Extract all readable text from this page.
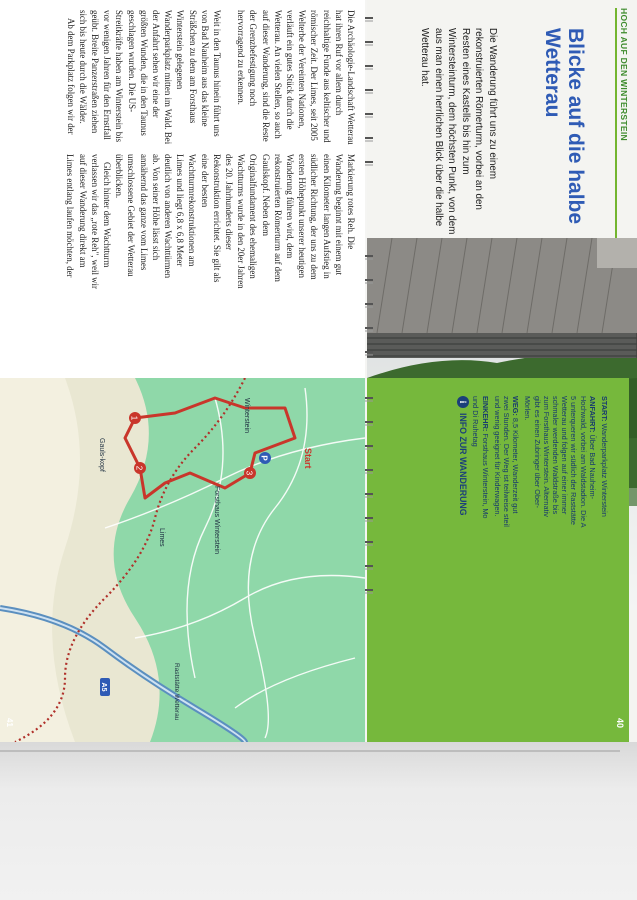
HOCH AUF DEN WINTERSTEIN
Blicke auf die halbe Wetterau
Die Wanderung führt uns zu einem rekonstruierten Römerturm, vorbei an den Resten eines Kastells bis hin zum Wintersteinturm, dem höchsten Punkt, von dem aus man einen herrlichen Blick über die halbe Wetterau hat.
40

START: Wanderparkplatz Winterstein

ANFAHRT: Über Bad Nauheim-Hochwald, vorbei am Waldstadion. Die A 5 unterqueren wir südlich der Raststätte Wetterau und folgen auf einer immer schmaler werdenden Waldstraße bis zum Forsthaus Winterstein. Alternativ gibt es einen Zubringer über Ober-Mörlen.

WEG: 8,5 Kilometer, Wanderzeit gut zwei Stunden. Der Weg ist teilweise steil und wenig geeignet für Kinderwagen.

EINKEHR: Forsthaus Winterstein, Mo und Di Ruhetag

i
INFO ZUR WANDERUNG

Die Archäologie-Landschaft Wetterau hat ihren Ruf vor allem durch reichhaltige Funde aus keltischer und römischer Zeit. Der Limes, seit 2005 Welterbe der Vereinten Nationen, verläuft ein gutes Stück durch die Wetterau. An vielen Stellen, so auch auf dieser Wanderung, sind die Reste der Grenzbefestigung noch hervorragend zu erkennen.

Weit in den Taunus hinein führt uns von Bad Nauheim aus das kleine Sträßchen zu dem am Forsthaus Winterstein gelegenen Wanderparkplatz mitten im Wald. Bei der Anfahrt sehen wir eine der größten Wunden, die in den Taunus geschlagen wurden. Die US-Streitkräfte haben am Winterstein bis vor wenigen Jahren für den Ernstfall geübt. Breite Panzerstraßen ziehen sich bis heute durch die Wälder.

Ab dem Parkplatz folgen wir der

Markierung rotes Reh. Die Wanderung beginnt mit einem gut einen Kilometer langen Aufstieg in südlicher Richtung, der uns zu dem ersten Höhepunkt unserer heutigen Wanderung führen wird, dem rekonstruierten Römerturm auf dem Gaulskopf. Neben dem Originalfundament des ehemaligen Wachtturms wurde in den 20er Jahren des 20. Jahrhunderts dieser Rekonstruktion errichtet. Sie gilt als eine der besten Wachtturmrekonstruktionen am Limes und liegt 6,8 x 6,8 Meter deutlich von anderen Wachttürmen ab. Von seiner Höhe lässt sich annähernd das ganze vom Limes umschlossene Gebiet der Wetterau überblicken.

Gleich hinter dem Wachtturm verlassen wir das „rote Reh", weil wir auf dieser Wanderung direkt am Limes entlang laufen möchten, der

1
2
3
P	Start
Forsthaus Winterstein
Gauls-kopf
Winterstein
Limes
Raststätte Wetterau
A5
41
